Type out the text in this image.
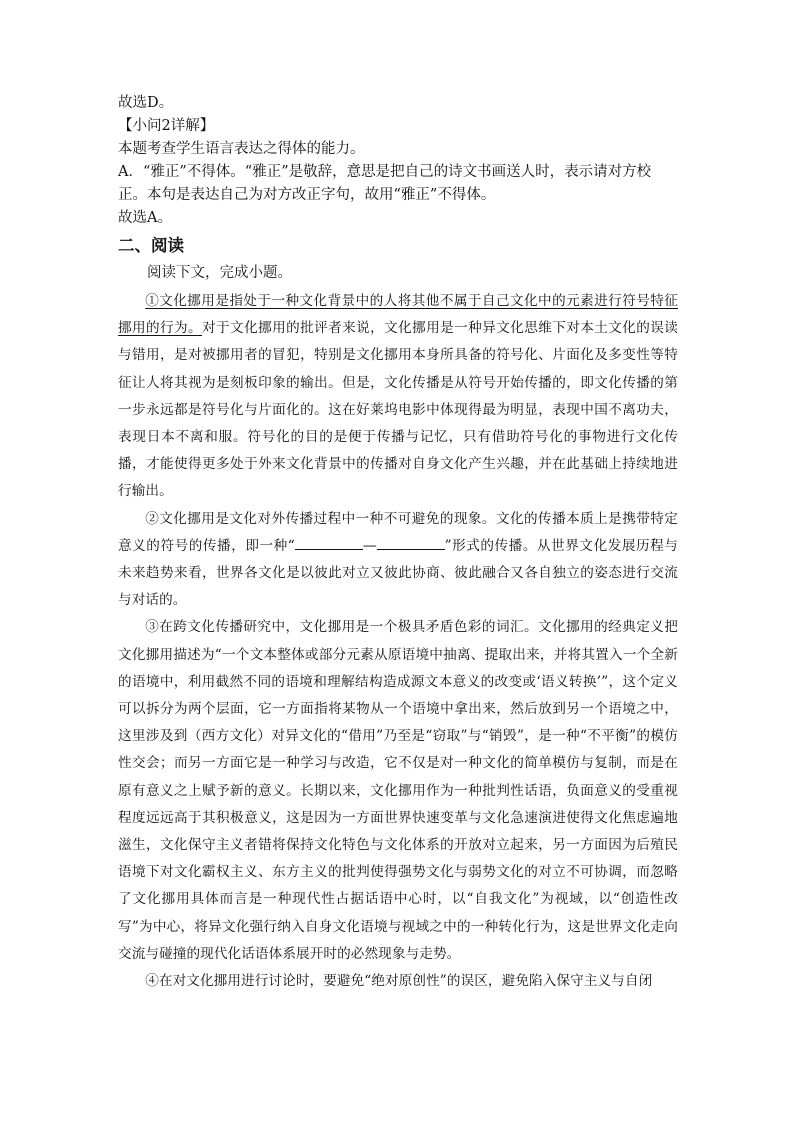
故选D。

【小问2详解】

本题考查学生语言表达之得体的能力。

A．“雅正”不得体。“雅正”是敬辞，意思是把自己的诗文书画送人时，表示请对方校

正。本句是表达自己为对方改正字句，故用“雅正”不得体。

故选A。

二、阅读

阅读下文，完成小题。

①文化挪用是指处于一种文化背景中的人将其他不属于自己文化中的元素进行符号特征挪用的行为。对于文化挪用的批评者来说，文化挪用是一种异文化思维下对本土文化的误读与错用，是对被挪用者的冒犯，特别是文化挪用本身所具备的符号化、片面化及多变性等特征让人将其视为是刻板印象的输出。但是，文化传播是从符号开始传播的，即文化传播的第一步永远都是符号化与片面化的。这在好莱坞电影中体现得最为明显，表现中国不离功夫，表现日本不离和服。符号化的目的是便于传播与记忆，只有借助符号化的事物进行文化传播，才能使得更多处于外来文化背景中的传播对自身文化产生兴趣，并在此基础上持续地进行输出。

②文化挪用是文化对外传播过程中一种不可避免的现象。文化的传播本质上是携带特定意义的符号的传播，即一种“	—	”形式的传播。从世界文化发展历程与未来趋势来看，世界各文化是以彼此对立又彼此协商、彼此融合又各自独立的姿态进行交流与对话的。

③在跨文化传播研究中，文化挪用是一个极具矛盾色彩的词汇。文化挪用的经典定义把文化挪用描述为“一个文本整体或部分元素从原语境中抽离、提取出来，并将其置入一个全新的语境中，利用截然不同的语境和理解结构造成源文本意义的改变或‘语义转换’”，这个定义可以拆分为两个层面，它一方面指将某物从一个语境中拿出来，然后放到另一个语境之中，这里涉及到（西方文化）对异文化的“借用”乃至是“窃取”与“销毁”，是一种“不平衡”的模仿性交会；而另一方面它是一种学习与改造，它不仅是对一种文化的简单模仿与复制，而是在原有意义之上赋予新的意义。长期以来，文化挪用作为一种批判性话语，负面意义的受重视程度远远高于其积极意义，这是因为一方面世界快速变革与文化急速演进使得文化焦虑遍地滋生，文化保守主义者错将保持文化特色与文化体系的开放对立起来，另一方面因为后殖民语境下对文化霸权主义、东方主义的批判使得强势文化与弱势文化的对立不可协调，而忽略了文化挪用具体而言是一种现代性占据话语中心时，以“自我文化”为视域，以“创造性改写”为中心，将异文化强行纳入自身文化语境与视域之中的一种转化行为，这是世界文化走向交流与碰撞的现代化话语体系展开时的必然现象与走势。

④在对文化挪用进行讨论时，要避免“绝对原创性”的误区，避免陷入保守主义与自闭
